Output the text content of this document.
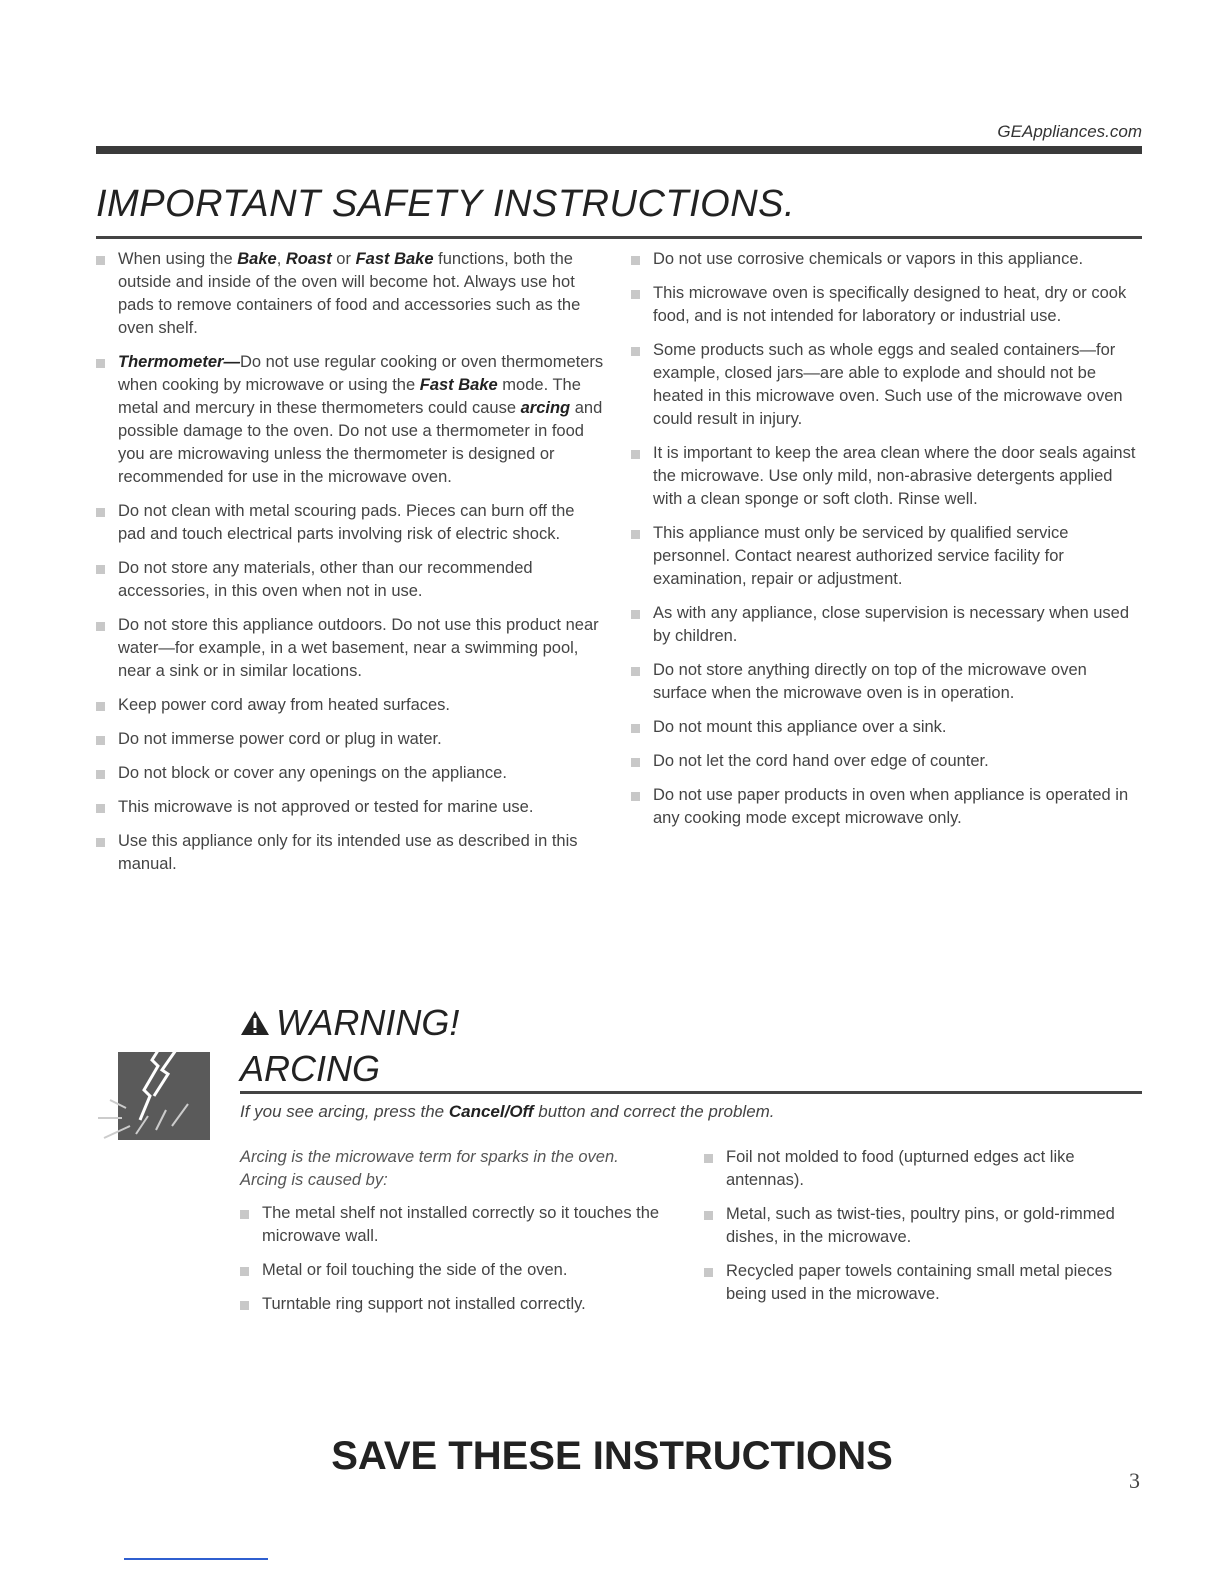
GEAppliances.com
IMPORTANT SAFETY INSTRUCTIONS.
When using the Bake, Roast or Fast Bake functions, both the outside and inside of the oven will become hot. Always use hot pads to remove containers of food and accessories such as the oven shelf.
Thermometer—Do not use regular cooking or oven thermometers when cooking by microwave or using the Fast Bake mode. The metal and mercury in these thermometers could cause arcing and possible damage to the oven. Do not use a thermometer in food you are microwaving unless the thermometer is designed or recommended for use in the microwave oven.
Do not clean with metal scouring pads. Pieces can burn off the pad and touch electrical parts involving risk of electric shock.
Do not store any materials, other than our recommended accessories, in this oven when not in use.
Do not store this appliance outdoors. Do not use this product near water—for example, in a wet basement, near a swimming pool, near a sink or in similar locations.
Keep power cord away from heated surfaces.
Do not immerse power cord or plug in water.
Do not block or cover any openings on the appliance.
This microwave is not approved or tested for marine use.
Use this appliance only for its intended use as described in this manual.
Do not use corrosive chemicals or vapors in this appliance.
This microwave oven is specifically designed to heat, dry or cook food, and is not intended for laboratory or industrial use.
Some products such as whole eggs and sealed containers—for example, closed jars—are able to explode and should not be heated in this microwave oven. Such use of the microwave oven could result in injury.
It is important to keep the area clean where the door seals against the microwave. Use only mild, non-abrasive detergents applied with a clean sponge or soft cloth. Rinse well.
This appliance must only be serviced by qualified service personnel. Contact nearest authorized service facility for examination, repair or adjustment.
As with any appliance, close supervision is necessary when used by children.
Do not store anything directly on top of the microwave oven surface when the microwave oven is in operation.
Do not mount this appliance over a sink.
Do not let the cord hand over edge of counter.
Do not use paper products in oven when appliance is operated in any cooking mode except microwave only.
WARNING!
ARCING
If you see arcing, press the Cancel/Off button and correct the problem.
Arcing is the microwave term for sparks in the oven.
Arcing is caused by:
The metal shelf not installed correctly so it touches the microwave wall.
Metal or foil touching the side of the oven.
Turntable ring support not installed correctly.
Foil not molded to food (upturned edges act like antennas).
Metal, such as twist-ties, poultry pins, or gold-rimmed dishes, in the microwave.
Recycled paper towels containing small metal pieces being used in the microwave.
SAVE THESE INSTRUCTIONS
3
